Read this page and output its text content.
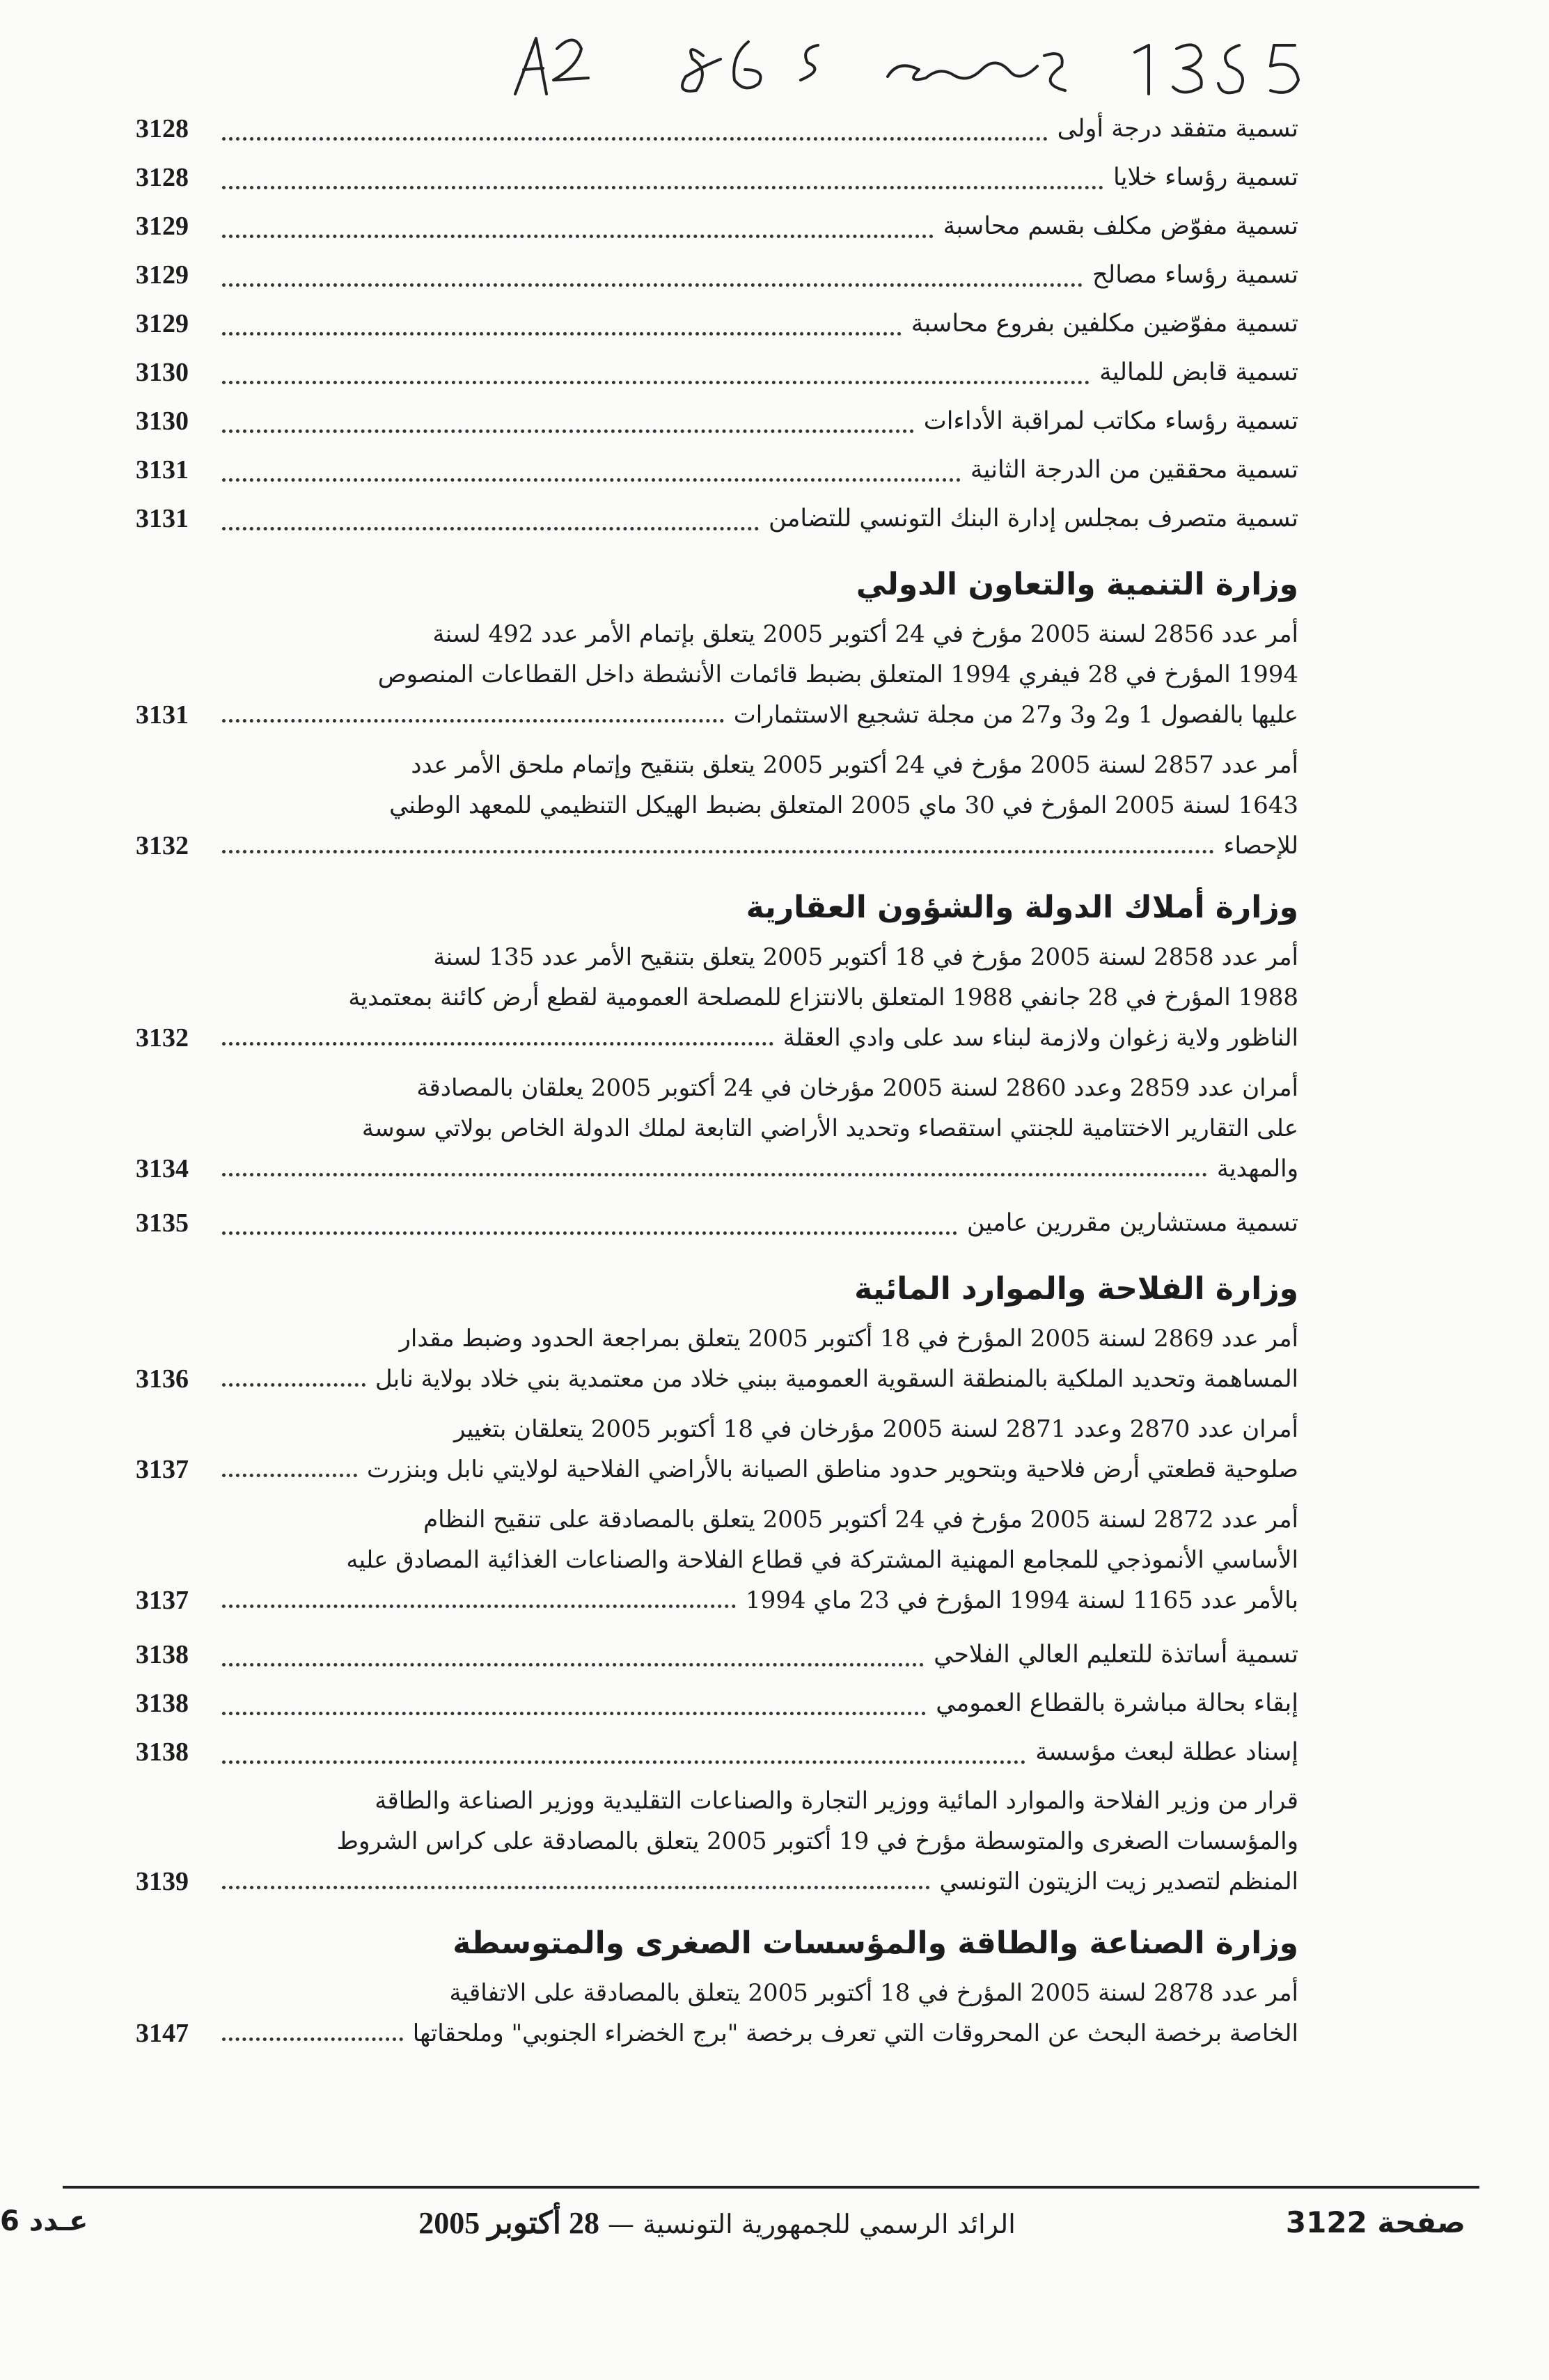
تسمية متفقد درجة أولى
3128
تسمية رؤساء خلايا
3128
تسمية مفوّض مكلف بقسم محاسبة
3129
تسمية رؤساء مصالح
3129
تسمية مفوّضين مكلفين بفروع محاسبة
3129
تسمية قابض للمالية
3130
تسمية رؤساء مكاتب لمراقبة الأداءات
3130
تسمية محققين من الدرجة الثانية
3131
تسمية متصرف بمجلس إدارة البنك التونسي للتضامن
3131
وزارة التنمية والتعاون الدولي
أمر عدد 2856 لسنة 2005 مؤرخ في 24 أكتوبر 2005 يتعلق بإتمام الأمر عدد 492 لسنة
1994 المؤرخ في 28 فيفري 1994 المتعلق بضبط قائمات الأنشطة داخل القطاعات المنصوص
عليها بالفصول 1 و2 و3 و27 من مجلة تشجيع الاستثمارات
3131
أمر عدد 2857 لسنة 2005 مؤرخ في 24 أكتوبر 2005 يتعلق بتنقيح وإتمام ملحق الأمر عدد
1643 لسنة 2005 المؤرخ في 30 ماي 2005 المتعلق بضبط الهيكل التنظيمي للمعهد الوطني
للإحصاء
3132
وزارة أملاك الدولة والشؤون العقارية
أمر عدد 2858 لسنة 2005 مؤرخ في 18 أكتوبر 2005 يتعلق بتنقيح الأمر عدد 135 لسنة
1988 المؤرخ في 28 جانفي 1988 المتعلق بالانتزاع للمصلحة العمومية لقطع أرض كائنة بمعتمدية
الناظور ولاية زغوان ولازمة لبناء سد على وادي العقلة
3132
أمران عدد 2859 وعدد 2860 لسنة 2005 مؤرخان في 24 أكتوبر 2005 يعلقان بالمصادقة
على التقارير الاختتامية للجنتي استقصاء وتحديد الأراضي التابعة لملك الدولة الخاص بولاتي سوسة
والمهدية
3134
تسمية مستشارين مقررين عامين
3135
وزارة الفلاحة والموارد المائية
أمر عدد 2869 لسنة 2005 المؤرخ في 18 أكتوبر 2005 يتعلق بمراجعة الحدود وضبط مقدار
المساهمة وتحديد الملكية بالمنطقة السقوية العمومية ببني خلاد من معتمدية بني خلاد بولاية نابل
3136
أمران عدد 2870 وعدد 2871 لسنة 2005 مؤرخان في 18 أكتوبر 2005 يتعلقان بتغيير
صلوحية قطعتي أرض فلاحية وبتحوير حدود مناطق الصيانة بالأراضي الفلاحية لولايتي نابل وبنزرت
3137
أمر عدد 2872 لسنة 2005 مؤرخ في 24 أكتوبر 2005 يتعلق بالمصادقة على تنقيح النظام
الأساسي الأنموذجي للمجامع المهنية المشتركة في قطاع الفلاحة والصناعات الغذائية المصادق عليه
بالأمر عدد 1165 لسنة 1994 المؤرخ في 23 ماي 1994
3137
تسمية أساتذة للتعليم العالي الفلاحي
3138
إبقاء بحالة مباشرة بالقطاع العمومي
3138
إسناد عطلة لبعث مؤسسة
3138
قرار من وزير الفلاحة والموارد المائية ووزير التجارة والصناعات التقليدية ووزير الصناعة والطاقة
والمؤسسات الصغرى والمتوسطة مؤرخ في 19 أكتوبر 2005 يتعلق بالمصادقة على كراس الشروط
المنظم لتصدير زيت الزيتون التونسي
3139
وزارة الصناعة والطاقة والمؤسسات الصغرى والمتوسطة
أمر عدد 2878 لسنة 2005 المؤرخ في 18 أكتوبر 2005 يتعلق بالمصادقة على الاتفاقية
الخاصة برخصة البحث عن المحروقات التي تعرف برخصة "برج الخضراء الجنوبي" وملحقاتها
3147
صفحة 3122
الرائد الرسمي للجمهورية التونسية — 28 أكتوبر 2005
عـدد 6
